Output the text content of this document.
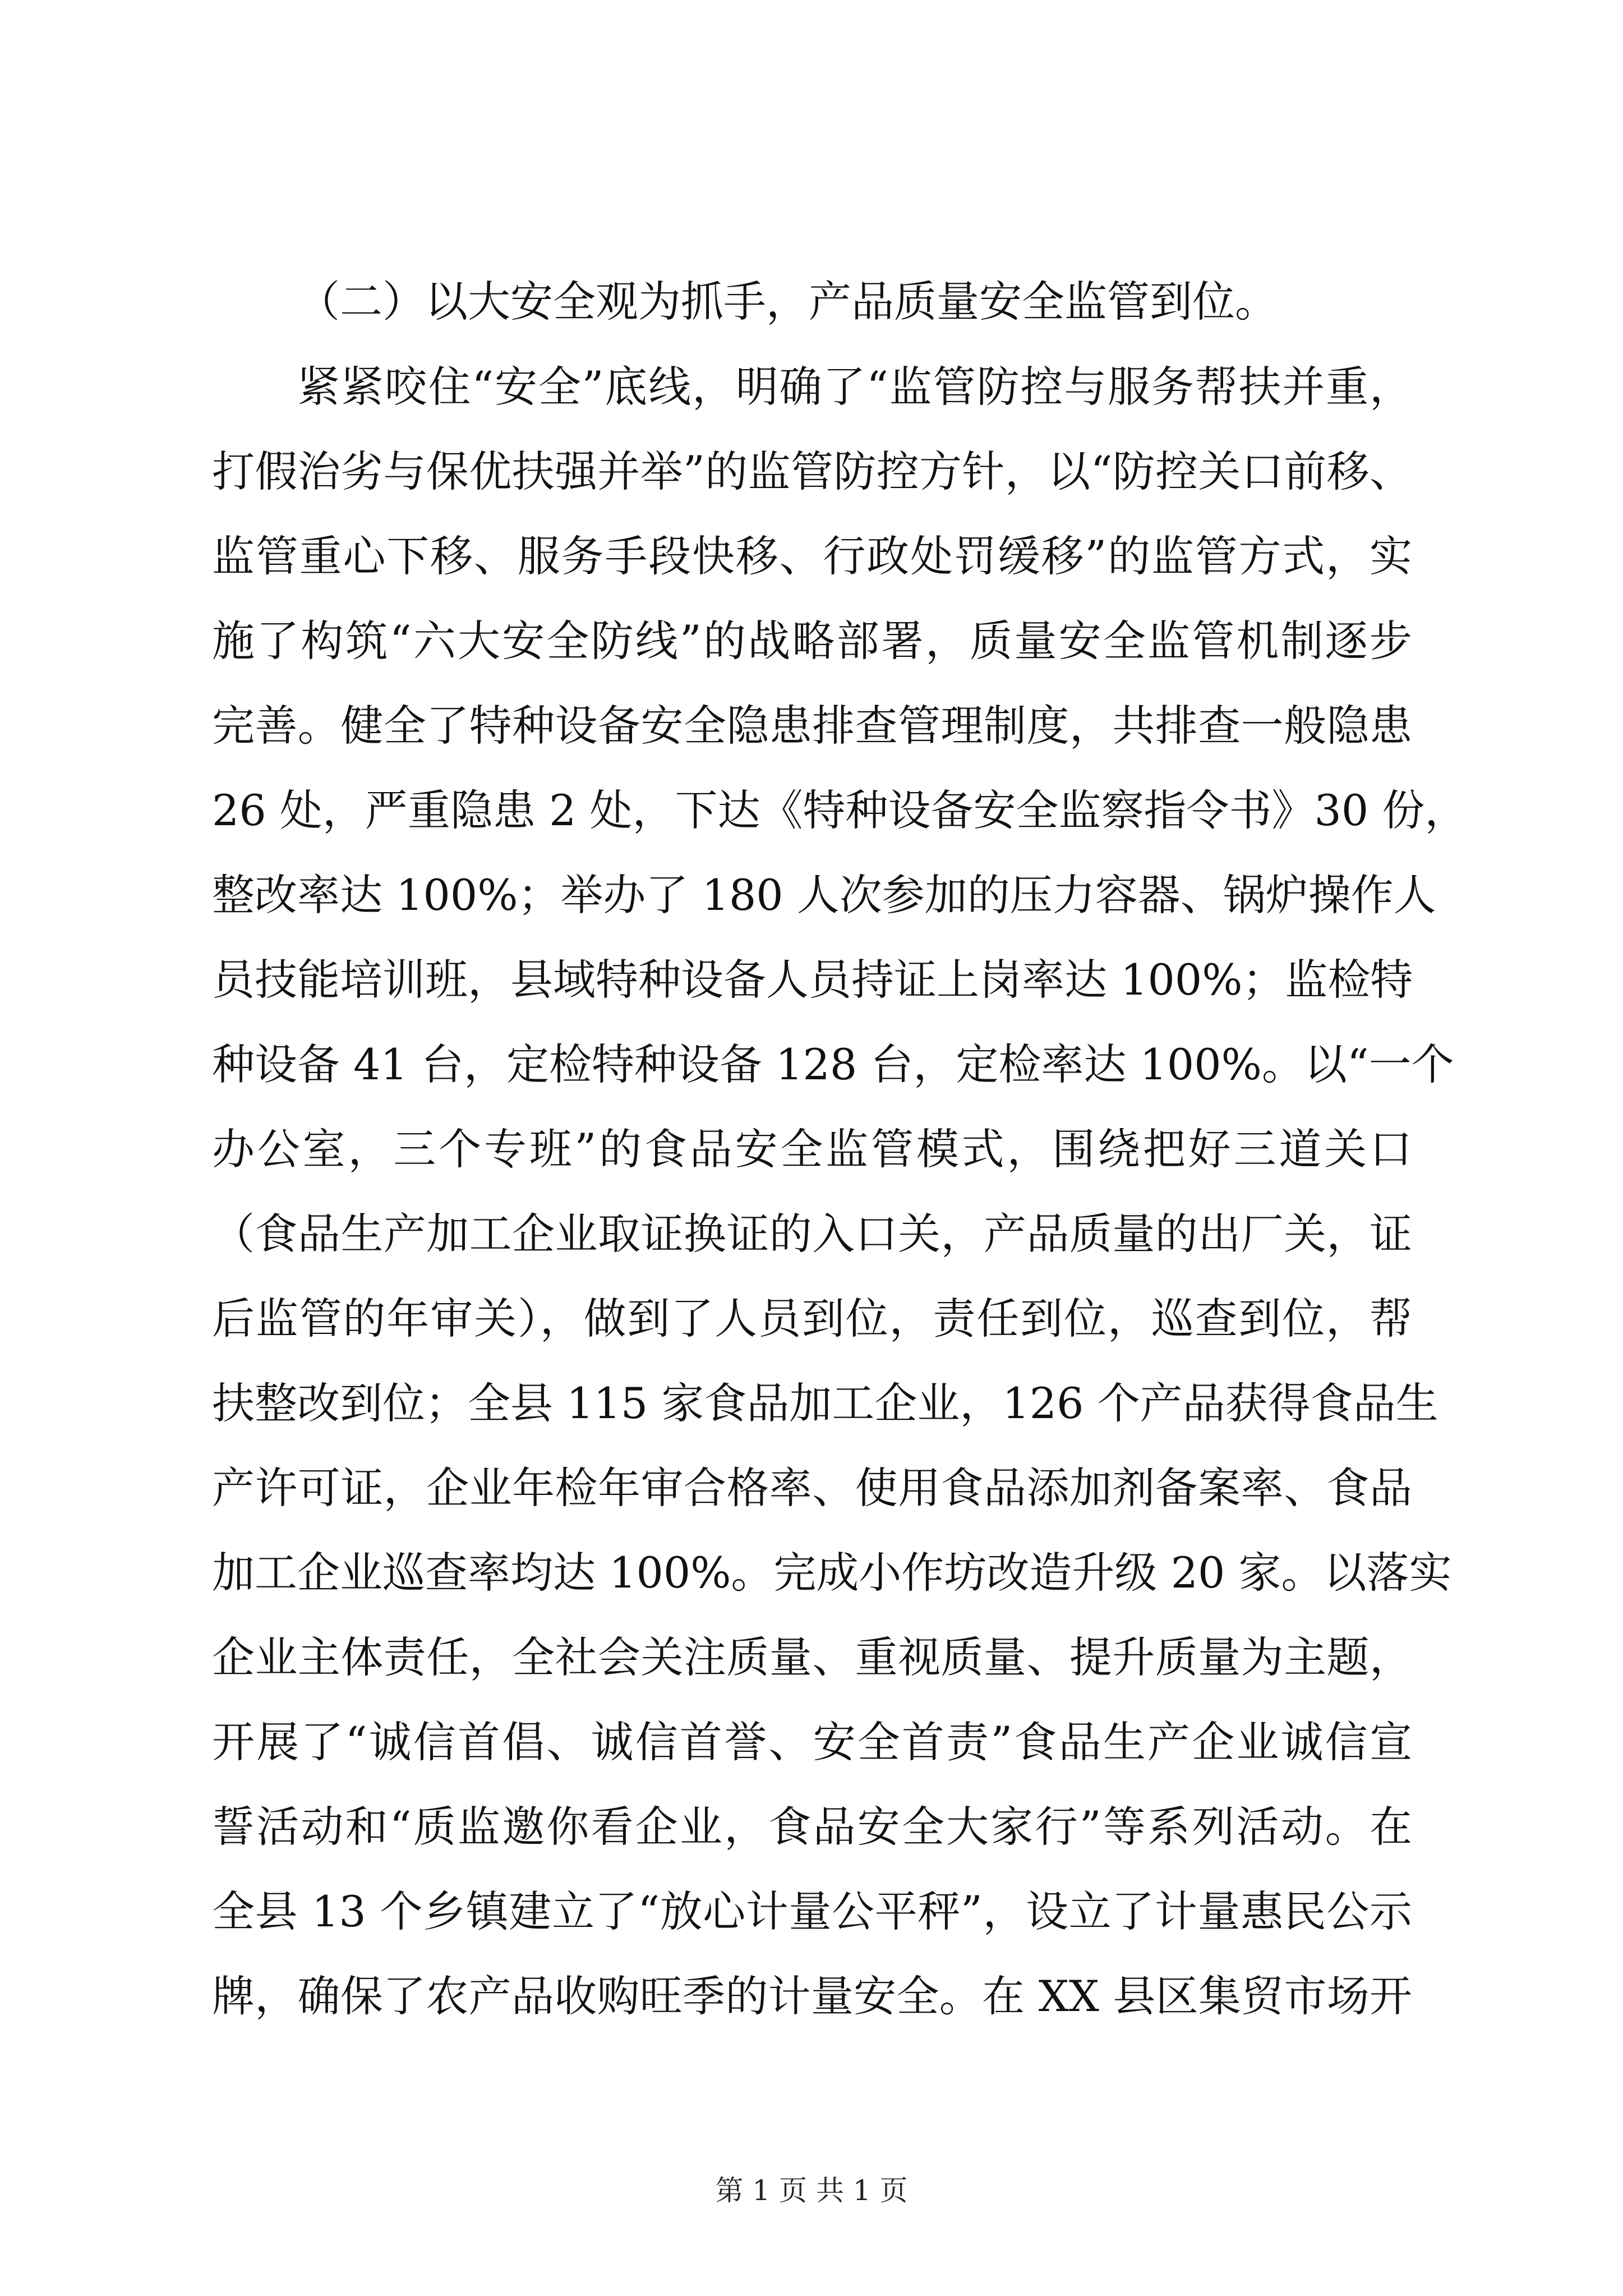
（二）以大安全观为抓手，产品质量安全监管到位。

紧紧咬住“安全”底线，明确了“监管防控与服务帮扶并重，
打假治劣与保优扶强并举”的监管防控方针，以“防控关口前移、
监管重心下移、服务手段快移、行政处罚缓移”的监管方式，实
施了构筑“六大安全防线”的战略部署，质量安全监管机制逐步
完善。健全了特种设备安全隐患排查管理制度，共排查一般隐患
26 处，严重隐患 2 处，下达《特种设备安全监察指令书》30 份，
整改率达 100%；举办了 180 人次参加的压力容器、锅炉操作人
员技能培训班，县域特种设备人员持证上岗率达 100%；监检特
种设备 41 台，定检特种设备 128 台，定检率达 100%。以“一个
办公室，三个专班”的食品安全监管模式，围绕把好三道关口
（食品生产加工企业取证换证的入口关，产品质量的出厂关，证
后监管的年审关），做到了人员到位，责任到位，巡查到位，帮
扶整改到位；全县 115 家食品加工企业，126 个产品获得食品生
产许可证，企业年检年审合格率、使用食品添加剂备案率、食品
加工企业巡查率均达 100%。完成小作坊改造升级 20 家。以落实
企业主体责任，全社会关注质量、重视质量、提升质量为主题，
开展了“诚信首倡、诚信首誉、安全首责”食品生产企业诚信宣
誓活动和“质监邀你看企业，食品安全大家行”等系列活动。在
全县 13 个乡镇建立了“放心计量公平秤”，设立了计量惠民公示
牌，确保了农产品收购旺季的计量安全。在 XX 县区集贸市场开
第 1 页 共 1 页
